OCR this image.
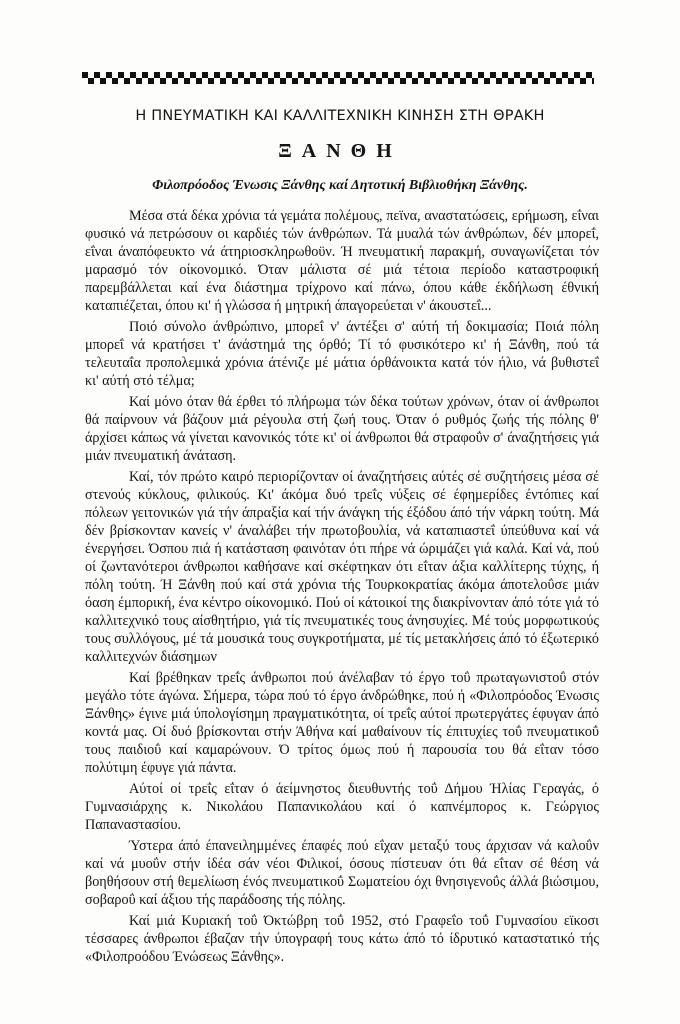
Η ΠΝΕΥΜΑΤΙΚΗ ΚΑΙ ΚΑΛΛΙΤΕΧΝΙΚΗ ΚΙΝΗΣΗ ΣΤΗ ΘΡΑΚΗ
ΞΑΝΘΗ
Φιλοπρόοδος Ένωσις Ξάνθης καί Δητοτική Βιβλιοθήκη Ξάνθης.

Μέσα στά δέκα χρόνια τά γεμάτα πολέμους, πεϊνα, αναστατώσεις, ερήμωση, εΐναι φυσικό νά πετρώσουν οι καρδιές τών άνθρώπων. Τά μυαλά τών άνθρώπων, δέν μπορεΐ, εΐναι άναπόφευκτο νά άτηριοσκληρωθοϋν. Ή πνευματική παρακμή, συναγωνίζεται τόν μαρασμό τόν οίκονομικό. Όταν μάλιστα σέ μιά τέτοια περίοδο καταστροφική παρεμβάλλεται καί ένα διάστημα τρίχρονο καί πάνω, όπου κάθε έκδήλωση έθνική καταπιέζεται, όπου κι' ή γλώσσα ή μητρική άπαγορεύεται ν' άκουστεΐ...

Ποιό σύνολο άνθρώπινο, μπορεΐ ν' άντέξει σ' αύτή τή δοκιμασία; Ποιά πόλη μπορεΐ νά κρατήσει τ' άνάστημά της όρθό; Τί τό φυσικότερο κι' ή Ξάνθη, πού τά τελευταΐα προπολεμικά χρόνια άτένιζε μέ μάτια όρθάνοικτα κατά τόν ήλιο, νά βυθιστεΐ κι' αύτή στό τέλμα;

Καί μόνο όταν θά έρθει τό πλήρωμα τών δέκα τούτων χρόνων, όταν οί άνθρωποι θά παίρνουν νά βάζουν μιά ρέγουλα στή ζωή τους. Όταν ό ρυθμός ζωής τής πόλης θ' άρχίσει κάπως νά γίνεται κανονικός τότε κι' οί άνθρωποι θά στραφοΰν σ' άναζητήσεις γιά μιάν πνευματική άνάταση.

Καί, τόν πρώτο καιρό περιορίζονταν οί άναζητήσεις αύτές σέ συζητήσεις μέσα σέ στενούς κύκλους, φιλικούς. Κι' άκόμα δυό τρεΐς νύξεις σέ έφημερίδες έντόπιες καί πόλεων γειτονικών γιά τήν άπραξία καί τήν άνάγκη τής έξόδου άπό τήν νάρκη τούτη. Μά δέν βρίσκονταν κανείς ν' άναλάβει τήν πρωτοβουλία, νά καταπιαστεΐ ύπεύθυνα καί νά ένεργήσει. Όσπου πιά ή κατάσταση φαινόταν ότι πήρε νά ώριμάζει γιά καλά. Καί νά, πού οί ζωντανότεροι άνθρωποι καθήσανε καί σκέφτηκαν ότι εΐταν άξια καλλίτερης τύχης, ή πόλη τούτη. Ή Ξάνθη πού καί στά χρόνια τής Τουρκοκρατίας άκόμα άποτελοΰσε μιάν όαση έμπορική, ένα κέντρο οίκονομικό. Πού οί κάτοικοί της διακρίνονταν άπό τότε γιά τό καλλιτεχνικό τους αίσθητήριο, γιά τίς πνευματικές τους άνησυχίες. Μέ τούς μορφωτικούς τους συλλόγους, μέ τά μουσικά τους συγκροτήματα, μέ τίς μετακλήσεις άπό τό έξωτερικό καλλιτεχνών διάσημων

Καί βρέθηκαν τρεΐς άνθρωποι πού άνέλαβαν τό έργο τοΰ πρωταγωνιστοΰ στόν μεγάλο τότε άγώνα. Σήμερα, τώρα πού τό έργο άνδρώθηκε, πού ή «Φιλοπρόοδος Ένωσις Ξάνθης» έγινε μιά ύπολογίσημη πραγματικότητα, οί τρεΐς αύτοί πρωτεργάτες έφυγαν άπό κοντά μας. Οί δυό βρίσκονται στήν Άθήνα καί μαθαίνουν τίς έπιτυχίες τοΰ πνευματικοΰ τους παιδιοΰ καί καμαρώνουν. Ό τρίτος όμως πού ή παρουσία του θά εΐταν τόσο πολύτιμη έφυγε γιά πάντα.

Αύτοί οί τρεΐς εΐταν ό άείμνηστος διευθυντής τοΰ Δήμου Ήλίας Γεραγάς, ό Γυμνασιάρχης κ. Νικολάου Παπανικολάου καί ό καπνέμπορος κ. Γεώργιος Παπαναστασίου.

Ύστερα άπό έπανειλημμένες έπαφές πού εΐχαν μεταξύ τους άρχισαν νά καλοΰν καί νά μυοΰν στήν ίδέα σάν νέοι Φιλικοί, όσους πίστευαν ότι θά εΐταν σέ θέση νά βοηθήσουν στή θεμελίωση ένός πνευματικοΰ Σωματείου όχι θνησιγενοΰς άλλά βιώσιμου, σοβαροΰ καί άξιου τής παράδοσης τής πόλης.

Καί μιά Κυριακή τοΰ Όκτώβρη τοΰ 1952, στό Γραφεΐο τοΰ Γυμνασίου εϊκοσι τέσσαρες άνθρωποι έβαζαν τήν ύπογραφή τους κάτω άπό τό ίδρυτικό καταστατικό τής «Φιλοπροόδου Ένώσεως Ξάνθης».
